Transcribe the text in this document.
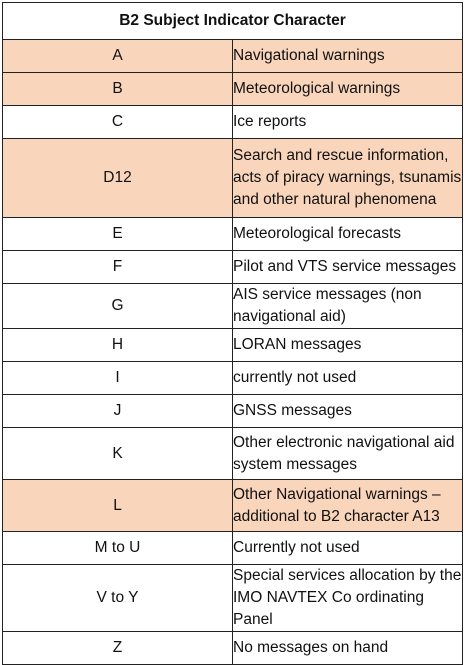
B2 Subject Indicator Character	
A	Navigational warnings
B	Meteorological warnings
C	Ice reports
D12	Search and rescue information, acts of piracy warnings, tsunamis and other natural phenomena
E	Meteorological forecasts
F	Pilot and VTS service messages
G	AIS service messages (non navigational aid)
H	LORAN messages
I	currently not used
J	GNSS messages
K	Other electronic navigational aid system messages
L	Other Navigational warnings – additional to B2 character A13
M to U	Currently not used
V to Y	Special services allocation by the IMO NAVTEX Co ordinating Panel
Z	No messages on hand
